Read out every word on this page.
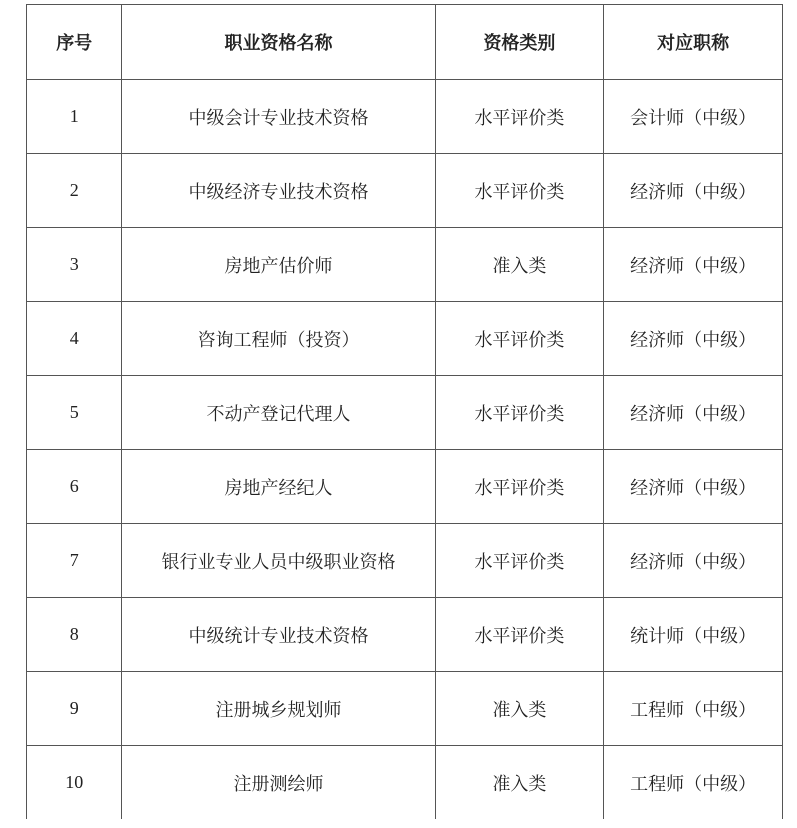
序号	职业资格名称	资格类别	对应职称
1	中级会计专业技术资格	水平评价类	会计师（中级）
2	中级经济专业技术资格	水平评价类	经济师（中级）
3	房地产估价师	准入类	经济师（中级）
4	咨询工程师（投资）	水平评价类	经济师（中级）
5	不动产登记代理人	水平评价类	经济师（中级）
6	房地产经纪人	水平评价类	经济师（中级）
7	银行业专业人员中级职业资格	水平评价类	经济师（中级）
8	中级统计专业技术资格	水平评价类	统计师（中级）
9	注册城乡规划师	准入类	工程师（中级）
10	注册测绘师	准入类	工程师（中级）
